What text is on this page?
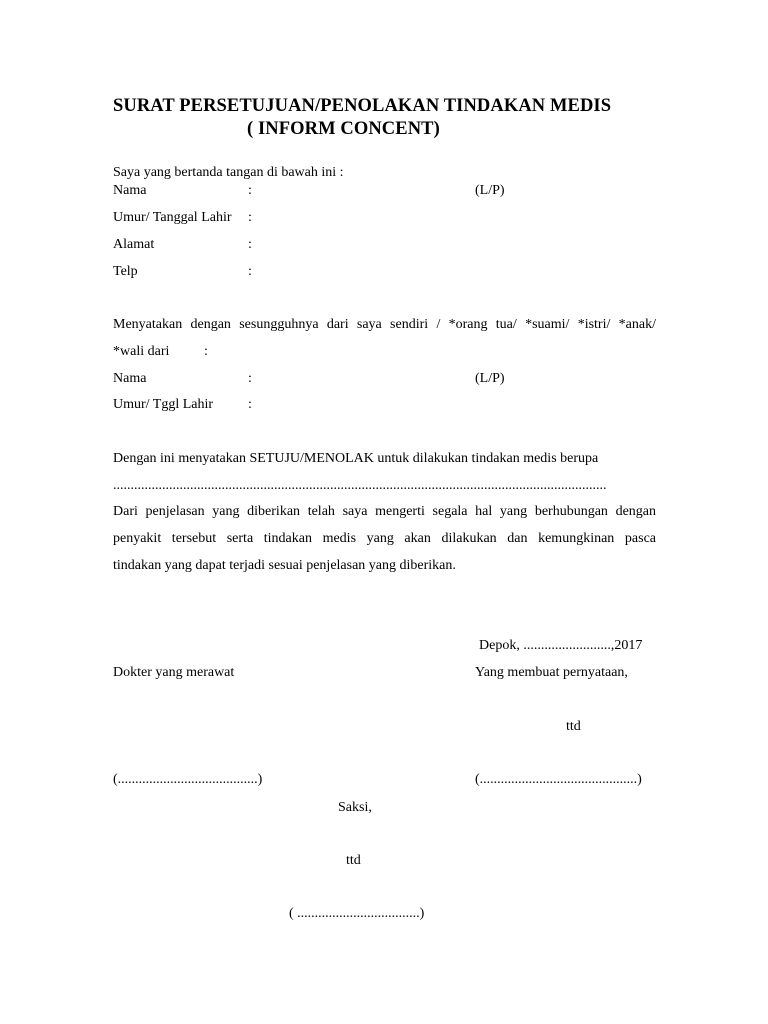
SURAT PERSETUJUAN/PENOLAKAN TINDAKAN MEDIS
( INFORM CONCENT)
Saya yang bertanda tangan di bawah ini :
Nama	:	(L/P)
Umur/ Tanggal Lahir :
Alamat	:
Telp	:
Menyatakan dengan sesungguhnya dari saya sendiri / *orang tua/ *suami/ *istri/ *anak/
*wali dari :
Nama	:	(L/P)
Umur/ Tggl Lahir :
Dengan ini menyatakan SETUJU/MENOLAK untuk dilakukan tindakan medis berupa
.............................................................................................................................................
Dari penjelasan yang diberikan telah saya mengerti segala hal yang berhubungan dengan
penyakit tersebut serta tindakan medis yang akan dilakukan dan kemungkinan pasca
tindakan yang dapat terjadi sesuai penjelasan yang diberikan.
Depok, .........................,2017
Dokter yang merawat	Yang membuat pernyataan,
ttd
(........................................)	(.............................................)
Saksi,
ttd
( ...................................)
